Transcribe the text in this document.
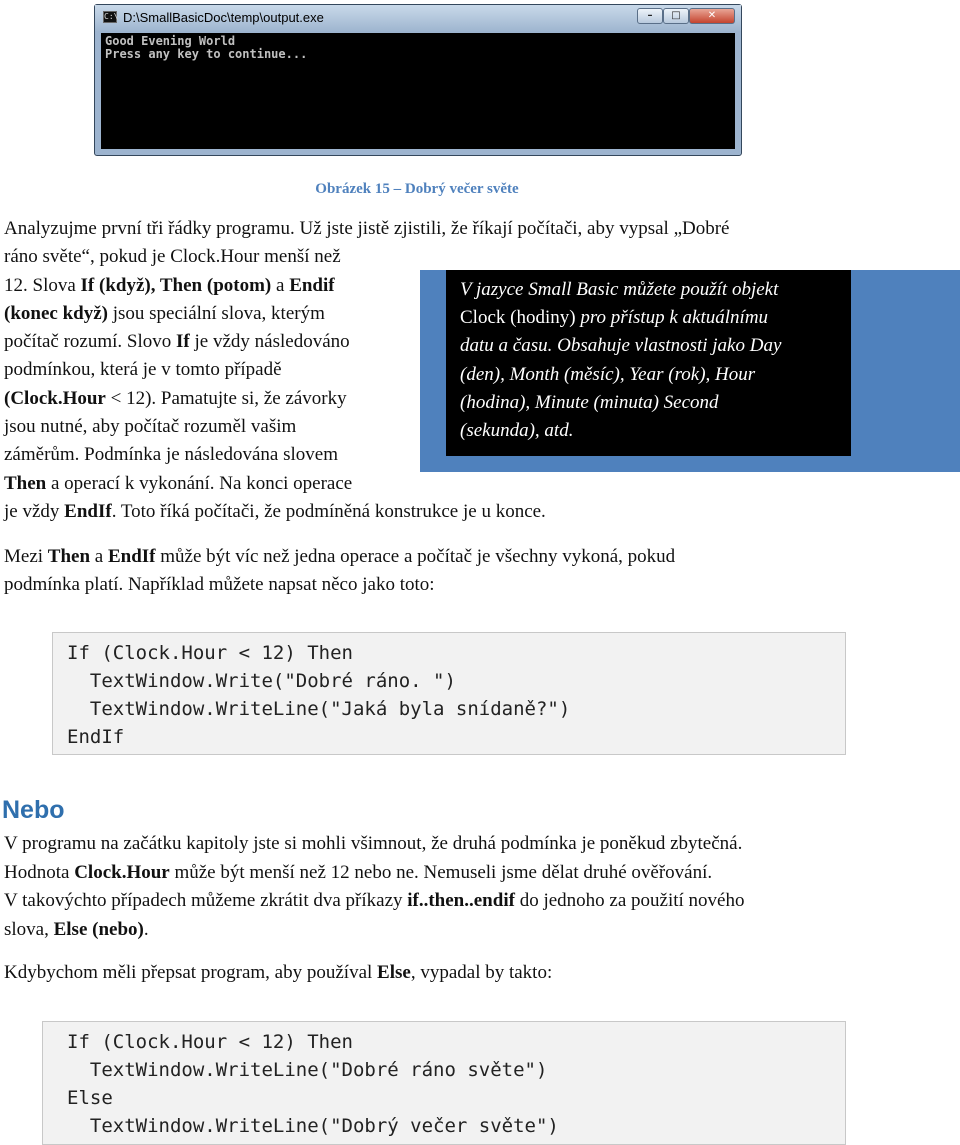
C:\ D:\SmallBasicDoc\temp\output.exe	–	□	✕
Good Evening World
Press any key to continue...
Obrázek 15 – Dobrý večer světe
Analyzujme první tři řádky programu. Už jste jistě zjistili, že říkají počítači, aby vypsal „Dobré
ráno světe“, pokud je Clock.Hour menší než
12. Slova If (když), Then (potom) a Endif
(konec když) jsou speciální slova, kterým
počítač rozumí. Slovo If je vždy následováno
podmínkou, která je v tomto případě
(Clock.Hour < 12). Pamatujte si, že závorky
jsou nutné, aby počítač rozuměl vašim
záměrům. Podmínka je následována slovem
Then a operací k vykonání. Na konci operace
je vždy EndIf. Toto říká počítači, že podmíněná konstrukce je u konce.
V jazyce Small Basic můžete použít objekt
Clock (hodiny) pro přístup k aktuálnímu
datu a času. Obsahuje vlastnosti jako Day
(den), Month (měsíc), Year (rok), Hour
(hodina), Minute (minuta) Second
(sekunda), atd.
Mezi Then a EndIf může být víc než jedna operace a počítač je všechny vykoná, pokud
podmínka platí. Například můžete napsat něco jako toto:
If (Clock.Hour < 12) Then
TextWindow.Write("Dobré ráno. ")
TextWindow.WriteLine("Jaká byla snídaně?")
EndIf
Nebo
V programu na začátku kapitoly jste si mohli všimnout, že druhá podmínka je poněkud zbytečná.
Hodnota Clock.Hour může být menší než 12 nebo ne. Nemuseli jsme dělat druhé ověřování.
V takovýchto případech můžeme zkrátit dva příkazy if..then..endif do jednoho za použití nového
slova, Else (nebo).
Kdybychom měli přepsat program, aby používal Else, vypadal by takto:
If (Clock.Hour < 12) Then
TextWindow.WriteLine("Dobré ráno světe")
Else
TextWindow.WriteLine("Dobrý večer světe")
